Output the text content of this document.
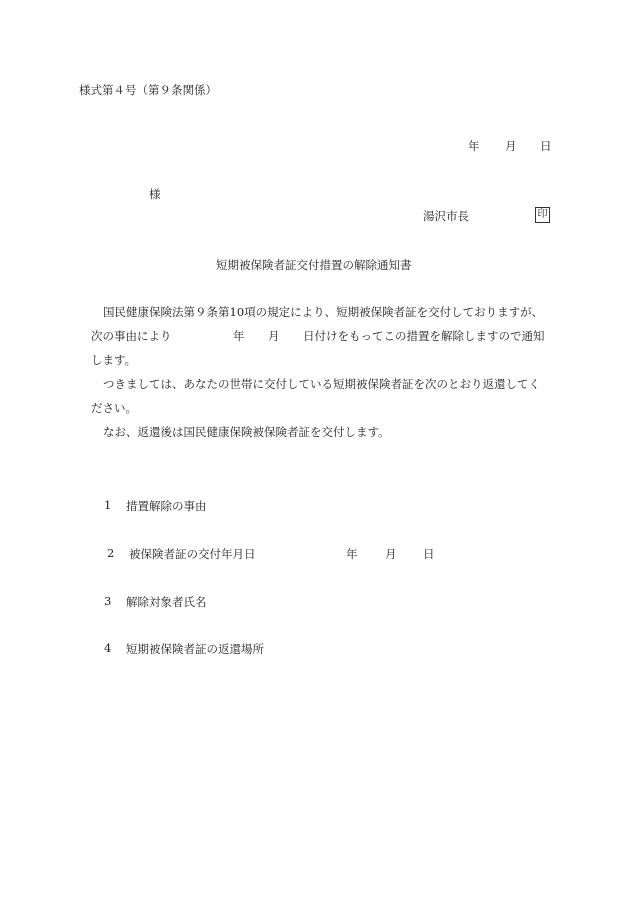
様式第４号（第９条関係）
年 月 日
様
湯沢市長	印
短期被保険者証交付措置の解除通知書
国民健康保険法第９条第10項の規定により、短期被保険者証を交付しておりますが、
次の事由により	年 月 日付けをもってこの措置を解除しますので通知
します。
つきましては、あなたの世帯に交付している短期被保険者証を次のとおり返還してく
ださい。
なお、返還後は国民健康保険被保険者証を交付します。
1 措置解除の事由
2 被保険者証の交付年月日	年 月 日
3 解除対象者氏名
4 短期被保険者証の返還場所
